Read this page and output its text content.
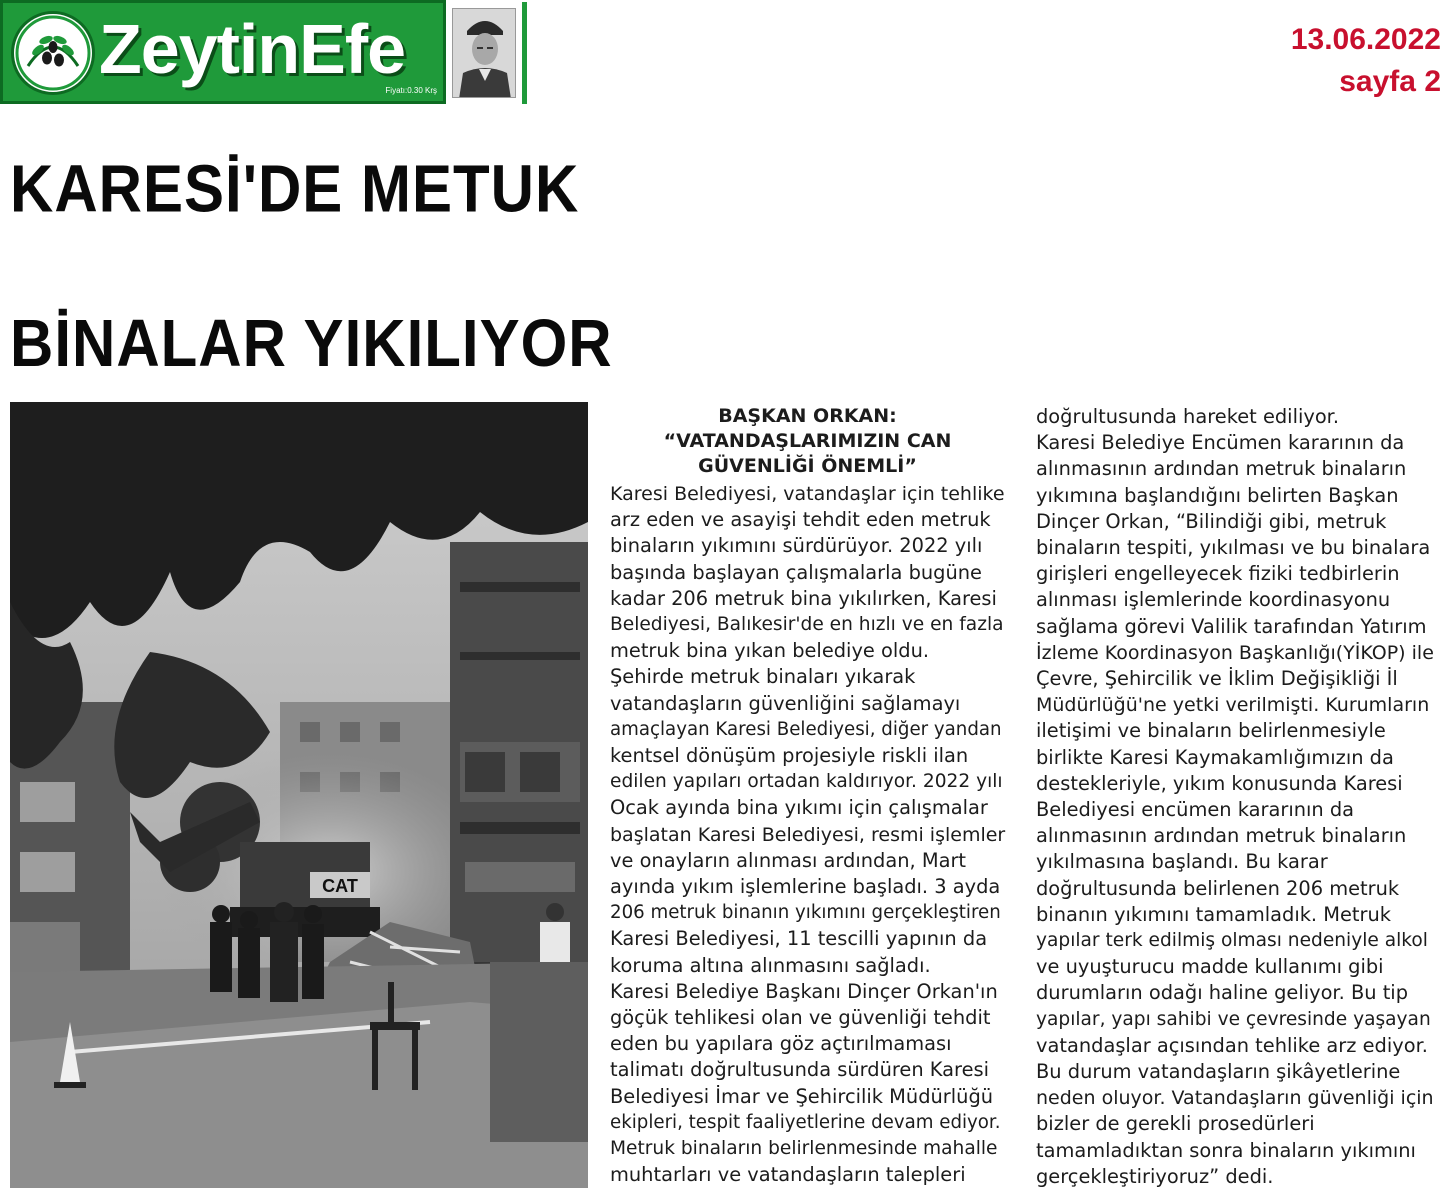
ZeytinEfe
Fiyatı:0.30 Krş
13.06.2022
sayfa 2
KARESİ'DE METUK
BİNALAR YIKILIYOR
CAT
BAŞKAN ORKAN:
“VATANDAŞLARIMIZIN CAN
GÜVENLİĞİ ÖNEMLİ”
Karesi Belediyesi, vatandaşlar için tehlike
arz eden ve asayişi tehdit eden metruk
binaların yıkımını sürdürüyor. 2022 yılı
başında başlayan çalışmalarla bugüne
kadar 206 metruk bina yıkılırken, Karesi
Belediyesi, Balıkesir'de en hızlı ve en fazla
metruk bina yıkan belediye oldu.
Şehirde metruk binaları yıkarak
vatandaşların güvenliğini sağlamayı
amaçlayan Karesi Belediyesi, diğer yandan
kentsel dönüşüm projesiyle riskli ilan
edilen yapıları ortadan kaldırıyor. 2022 yılı
Ocak ayında bina yıkımı için çalışmalar
başlatan Karesi Belediyesi, resmi işlemler
ve onayların alınması ardından, Mart
ayında yıkım işlemlerine başladı. 3 ayda
206 metruk binanın yıkımını gerçekleştiren
Karesi Belediyesi, 11 tescilli yapının da
koruma altına alınmasını sağladı.
Karesi Belediye Başkanı Dinçer Orkan'ın
göçük tehlikesi olan ve güvenliği tehdit
eden bu yapılara göz açtırılmaması
talimatı doğrultusunda sürdüren Karesi
Belediyesi İmar ve Şehircilik Müdürlüğü
ekipleri, tespit faaliyetlerine devam ediyor.
Metruk binaların belirlenmesinde mahalle
muhtarları ve vatandaşların talepleri
doğrultusunda hareket ediliyor.
Karesi Belediye Encümen kararının da
alınmasının ardından metruk binaların
yıkımına başlandığını belirten Başkan
Dinçer Orkan, “Bilindiği gibi, metruk
binaların tespiti, yıkılması ve bu binalara
girişleri engelleyecek fiziki tedbirlerin
alınması işlemlerinde koordinasyonu
sağlama görevi Valilik tarafından Yatırım
İzleme Koordinasyon Başkanlığı(YİKOP) ile
Çevre, Şehircilik ve İklim Değişikliği İl
Müdürlüğü'ne yetki verilmişti. Kurumların
iletişimi ve binaların belirlenmesiyle
birlikte Karesi Kaymakamlığımızın da
destekleriyle, yıkım konusunda Karesi
Belediyesi encümen kararının da
alınmasının ardından metruk binaların
yıkılmasına başlandı. Bu karar
doğrultusunda belirlenen 206 metruk
binanın yıkımını tamamladık. Metruk
yapılar terk edilmiş olması nedeniyle alkol
ve uyuşturucu madde kullanımı gibi
durumların odağı haline geliyor. Bu tip
yapılar, yapı sahibi ve çevresinde yaşayan
vatandaşlar açısından tehlike arz ediyor.
Bu durum vatandaşların şikâyetlerine
neden oluyor. Vatandaşların güvenliği için
bizler de gerekli prosedürleri
tamamladıktan sonra binaların yıkımını
gerçekleştiriyoruz” dedi.
